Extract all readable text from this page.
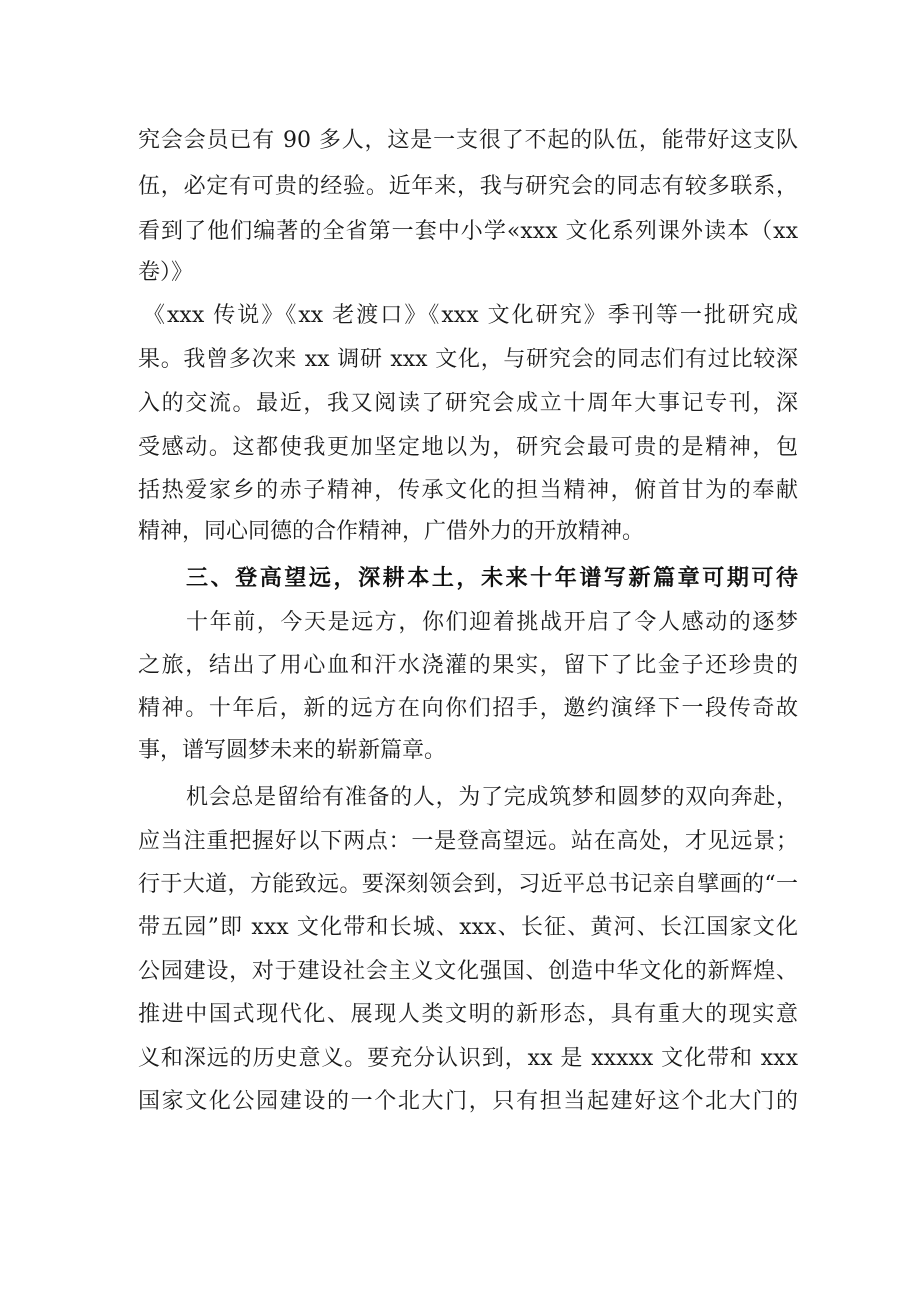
究会会员已有 90 多人，这是一支很了不起的队伍，能带好这支队
伍，必定有可贵的经验。近年来，我与研究会的同志有较多联系，
看到了他们编著的全省第一套中小学«xxx 文化系列课外读本（xx
卷）》
《xxx 传说》《xx 老渡口》《xxx 文化研究》季刊等一批研究成
果。我曾多次来 xx 调研 xxx 文化，与研究会的同志们有过比较深
入的交流。最近，我又阅读了研究会成立十周年大事记专刊，深
受感动。这都使我更加坚定地以为，研究会最可贵的是精神，包
括热爱家乡的赤子精神，传承文化的担当精神，俯首甘为的奉献
精神，同心同德的合作精神，广借外力的开放精神。
三、登高望远，深耕本土，未来十年谱写新篇章可期可待
十年前，今天是远方，你们迎着挑战开启了令人感动的逐梦
之旅，结出了用心血和汗水浇灌的果实，留下了比金子还珍贵的
精神。十年后，新的远方在向你们招手，邀约演绎下一段传奇故
事，谱写圆梦未来的崭新篇章。
机会总是留给有准备的人，为了完成筑梦和圆梦的双向奔赴，
应当注重把握好以下两点：一是登高望远。站在高处，才见远景；
行于大道，方能致远。要深刻领会到，习近平总书记亲自擘画的“一
带五园”即 xxx 文化带和长城、xxx、长征、黄河、长江国家文化
公园建设，对于建设社会主义文化强国、创造中华文化的新辉煌、
推进中国式现代化、展现人类文明的新形态，具有重大的现实意
义和深远的历史意义。要充分认识到，xx 是 xxxxx 文化带和 xxx
国家文化公园建设的一个北大门，只有担当起建好这个北大门的
